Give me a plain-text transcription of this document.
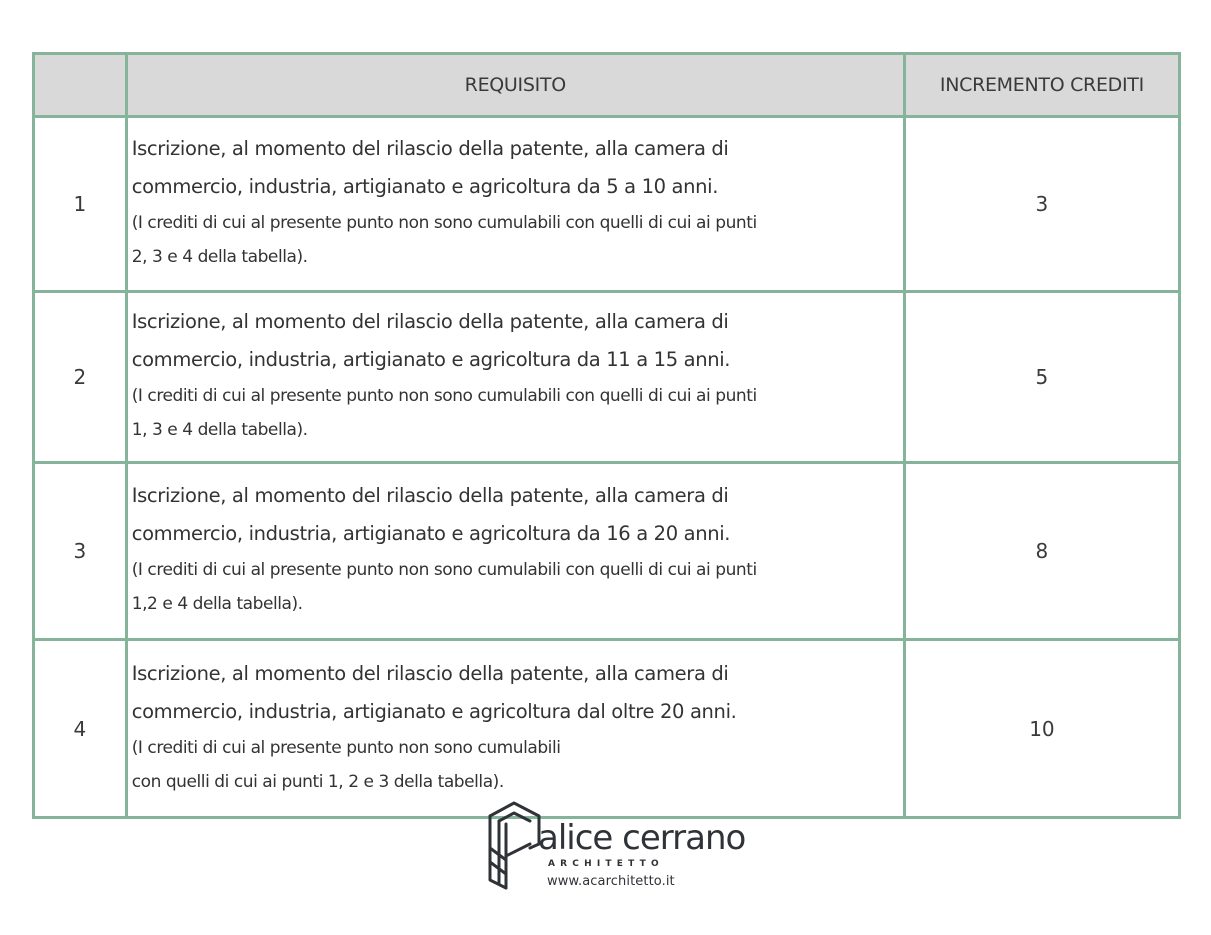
	REQUISITO	INCREMENTO CREDITI
1	Iscrizione, al momento del rilascio della patente, alla camera di
commercio, industria, artigianato e agricoltura da 5 a 10 anni.
(I crediti di cui al presente punto non sono cumulabili con quelli di cui ai punti
2, 3 e 4 della tabella).	3
2	Iscrizione, al momento del rilascio della patente, alla camera di
commercio, industria, artigianato e agricoltura da 11 a 15 anni.
(I crediti di cui al presente punto non sono cumulabili con quelli di cui ai punti
1, 3 e 4 della tabella).	5
3	Iscrizione, al momento del rilascio della patente, alla camera di
commercio, industria, artigianato e agricoltura da 16 a 20 anni.
(I crediti di cui al presente punto non sono cumulabili con quelli di cui ai punti
1,2 e 4 della tabella).	8
4	Iscrizione, al momento del rilascio della patente, alla camera di
commercio, industria, artigianato e agricoltura dal oltre 20 anni.
(I crediti di cui al presente punto non sono cumulabili
con quelli di cui ai punti 1, 2 e 3 della tabella).	10
alice cerrano
ARCHITETTO
www.acarchitetto.it
